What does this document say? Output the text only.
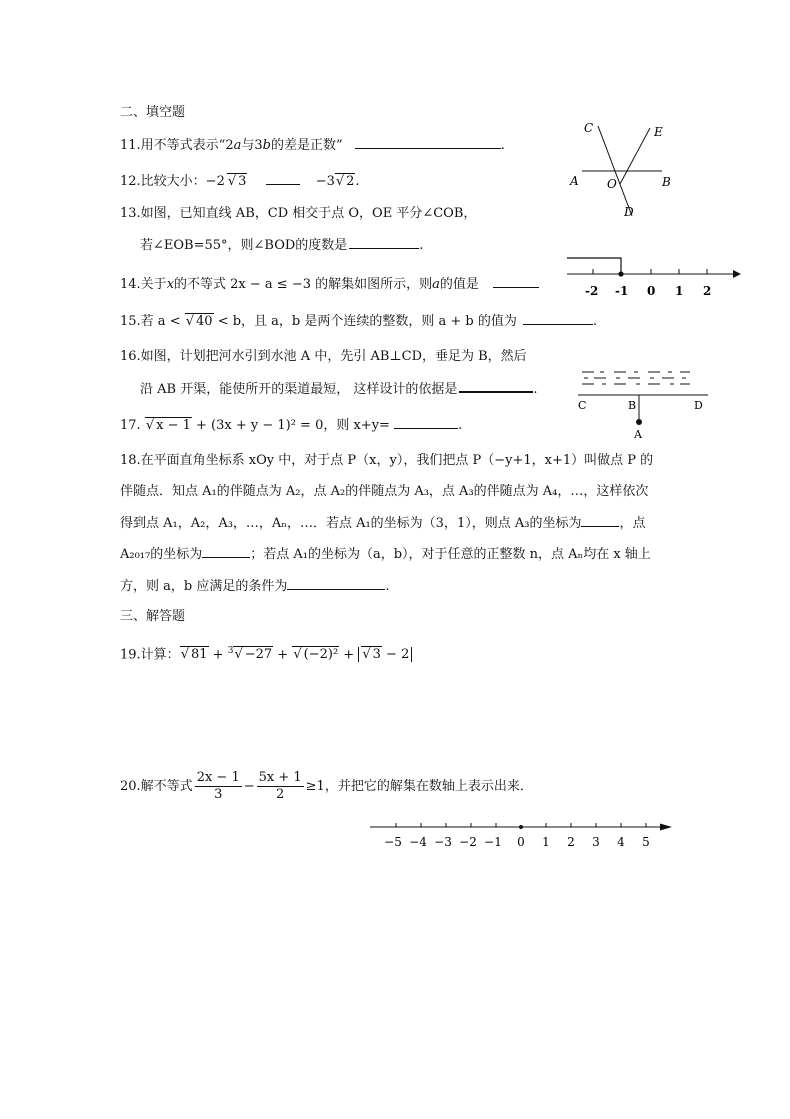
二、填空题
11.用不等式表示“2a与3b的差是正数”	.
12.比较大小：−2 √ 3	−3√ 2.
13.如图，已知直线 AB，CD 相交于点 O，OE 平分∠COB，
若∠EOB=55°，则∠BOD的度数是	.
14.关于x的不等式 2x − a ≤ −3 的解集如图所示，则a的值是
15.若 a < √ 40 < b，且 a，b 是两个连续的整数，则 a + b 的值为	.
16.如图，计划把河水引到水池 A 中，先引 AB⊥CD，垂足为 B，然后
沿 AB 开渠，能使所开的渠道最短， 这样设计的依据是	.
17. √ x − 1 + (3x + y − 1)² = 0，则 x+y=	.
18.在平面直角坐标系 xOy 中，对于点 P（x，y），我们把点 P（−y+1，x+1）叫做点 P 的
伴随点．知点 A₁的伴随点为 A₂，点 A₂的伴随点为 A₃，点 A₃的伴随点为 A₄，…，这样依次
得到点 A₁，A₂，A₃，…，Aₙ，…．若点 A₁的坐标为（3，1），则点 A₃的坐标为	，点
A₂₀₁₇的坐标为	；若点 A₁的坐标为（a，b），对于任意的正整数 n，点 Aₙ均在 x 轴上
方，则 a，b 应满足的条件为	.
三、解答题
19.计算：√ 81 + $^3$√ −27 + √ (−2)² + √ 3 − 2
20.解不等式 $\frac{2x - 1}{3} - \frac{5x + 1}{2} \ge 1$，并把它的解集在数轴上表示出来．
C	E
A O	B
D
-2 -1 0 1 2
C	B	D
A
−5 −4 −3 −2 −1 0 1 2 3 4 5
